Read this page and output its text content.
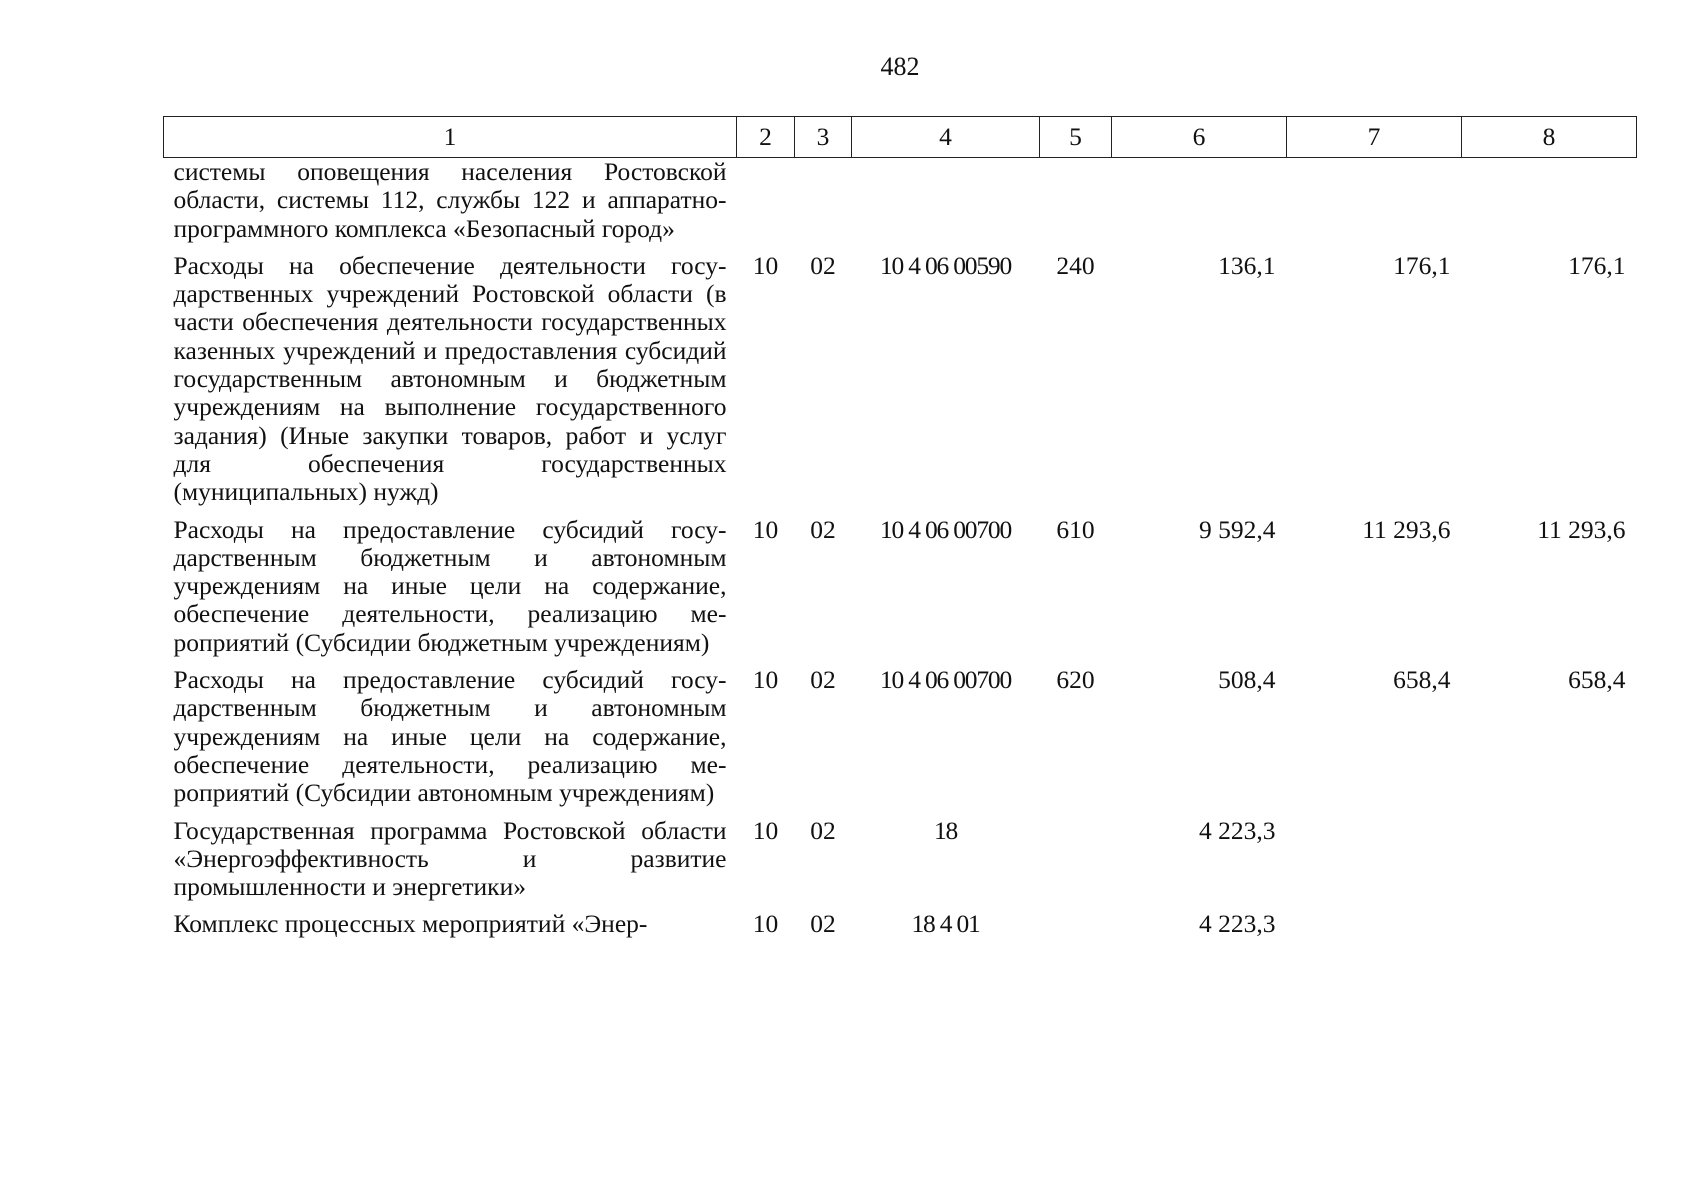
482
1	2	3	4	5	6	7	8
системы оповещения населения Ростовской области, системы 112, службы 122 и аппаратно-программного комплекса «Безопасный город»							
Расходы на обеспечение деятельности государственных учреждений Ростовской области (в части обеспечения деятельности государственных казенных учреждений и предоставления субсидий государственным автономным и бюджетным учреждениям на выполнение государственного задания) (Иные закупки товаров, работ и услуг для обеспечения государственных (муниципальных) нужд)	10	02	10 4 06 00590	240	136,1	176,1	176,1
Расходы на предоставление субсидий государственным бюджетным и автономным учреждениям на иные цели на содержание, обеспечение деятельности, реализацию мероприятий (Субсидии бюджетным учреждениям)	10	02	10 4 06 00700	610	9 592,4	11 293,6	11 293,6
Расходы на предоставление субсидий государственным бюджетным и автономным учреждениям на иные цели на содержание, обеспечение деятельности, реализацию мероприятий (Субсидии автономным учреждениям)	10	02	10 4 06 00700	620	508,4	658,4	658,4
Государственная программа Ростовской области «Энергоэффективность и развитие промышленности и энергетики»	10	02	18		4 223,3		
Комплекс процессных мероприятий «Энер-	10	02	18 4 01		4 223,3		
